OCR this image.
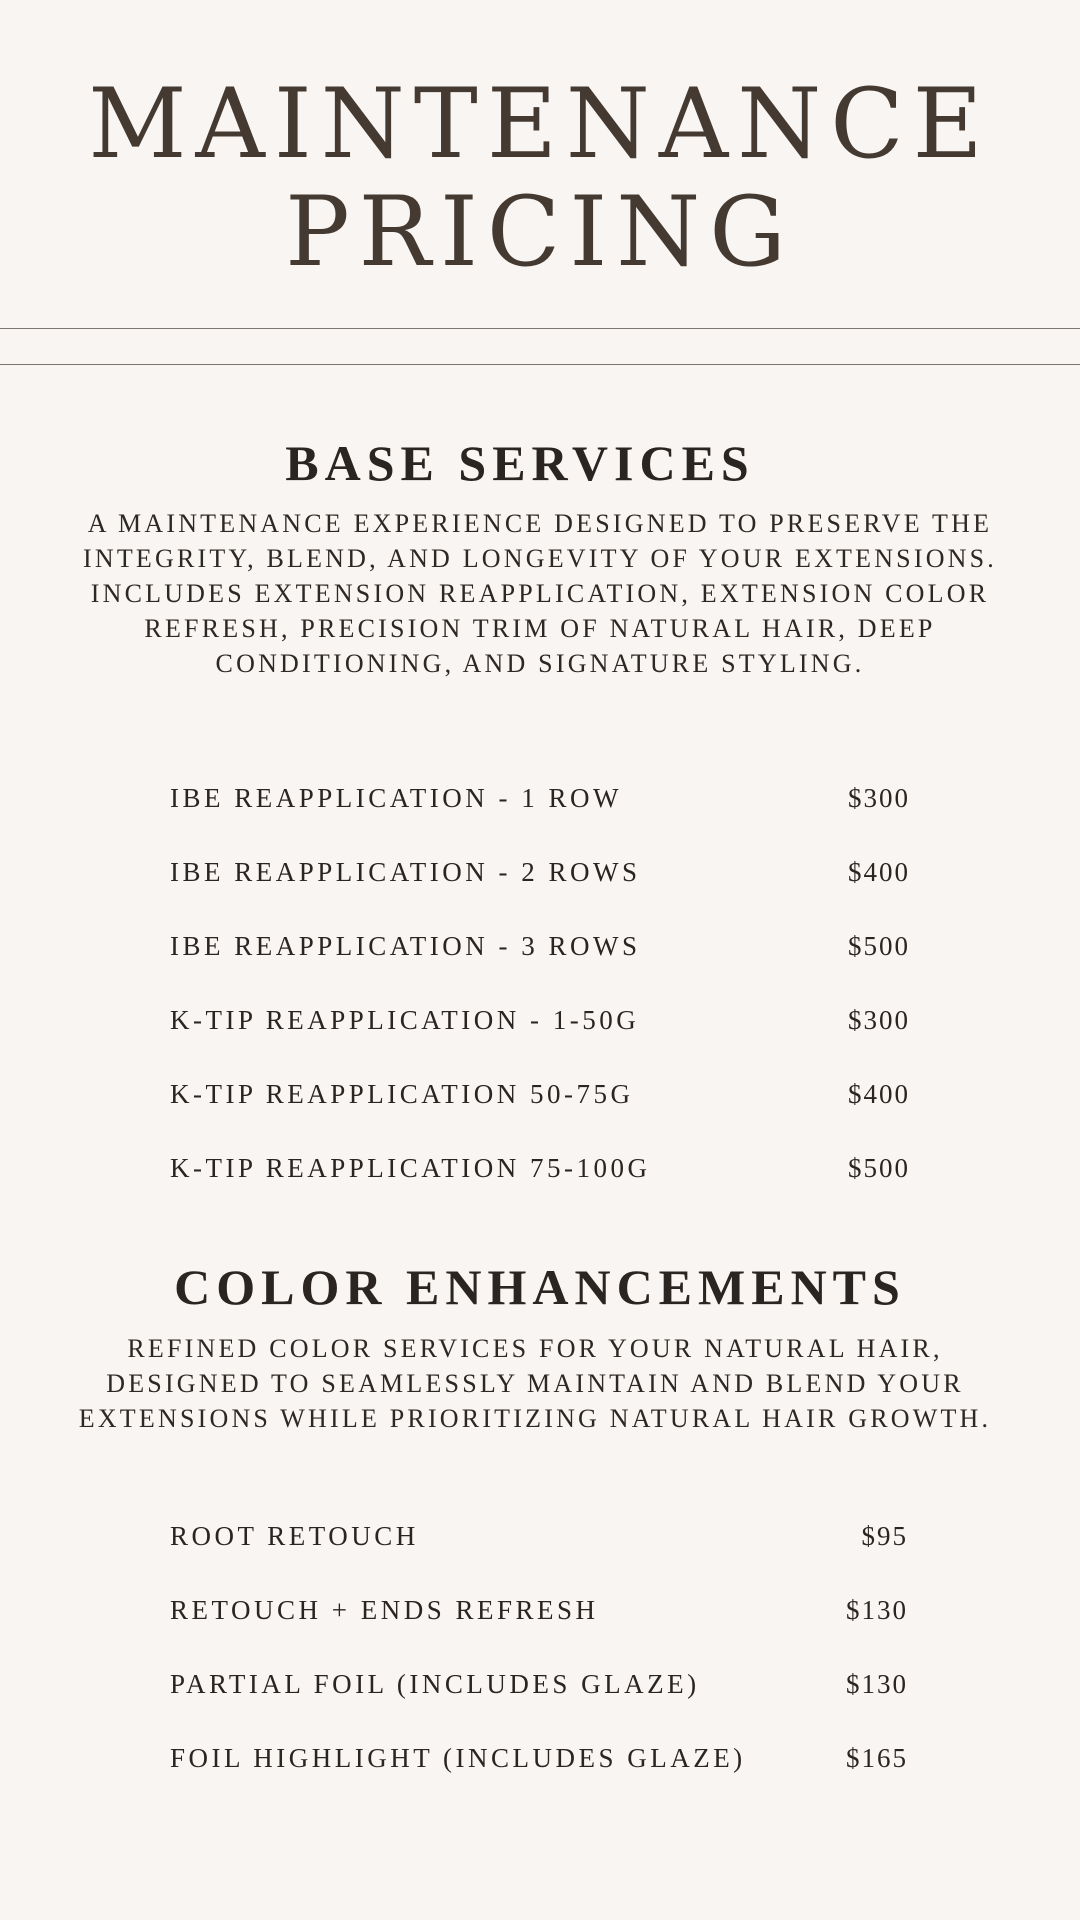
MAINTENANCE
PRICING
BASE SERVICES

A MAINTENANCE EXPERIENCE DESIGNED TO PRESERVE THE INTEGRITY, BLEND, AND LONGEVITY OF YOUR EXTENSIONS. INCLUDES EXTENSION REAPPLICATION, EXTENSION COLOR REFRESH, PRECISION TRIM OF NATURAL HAIR, DEEP CONDITIONING, AND SIGNATURE STYLING.

IBE REAPPLICATION - 1 ROW	$300
IBE REAPPLICATION - 2 ROWS	$400
IBE REAPPLICATION - 3 ROWS	$500
K-TIP REAPPLICATION - 1-50G	$300
K-TIP REAPPLICATION 50-75G	$400
K-TIP REAPPLICATION 75-100G	$500
COLOR ENHANCEMENTS

REFINED COLOR SERVICES FOR YOUR NATURAL HAIR, DESIGNED TO SEAMLESSLY MAINTAIN AND BLEND YOUR EXTENSIONS WHILE PRIORITIZING NATURAL HAIR GROWTH.

ROOT RETOUCH	$95
RETOUCH + ENDS REFRESH	$130
PARTIAL FOIL (INCLUDES GLAZE)	$130
FOIL HIGHLIGHT (INCLUDES GLAZE)	$165
